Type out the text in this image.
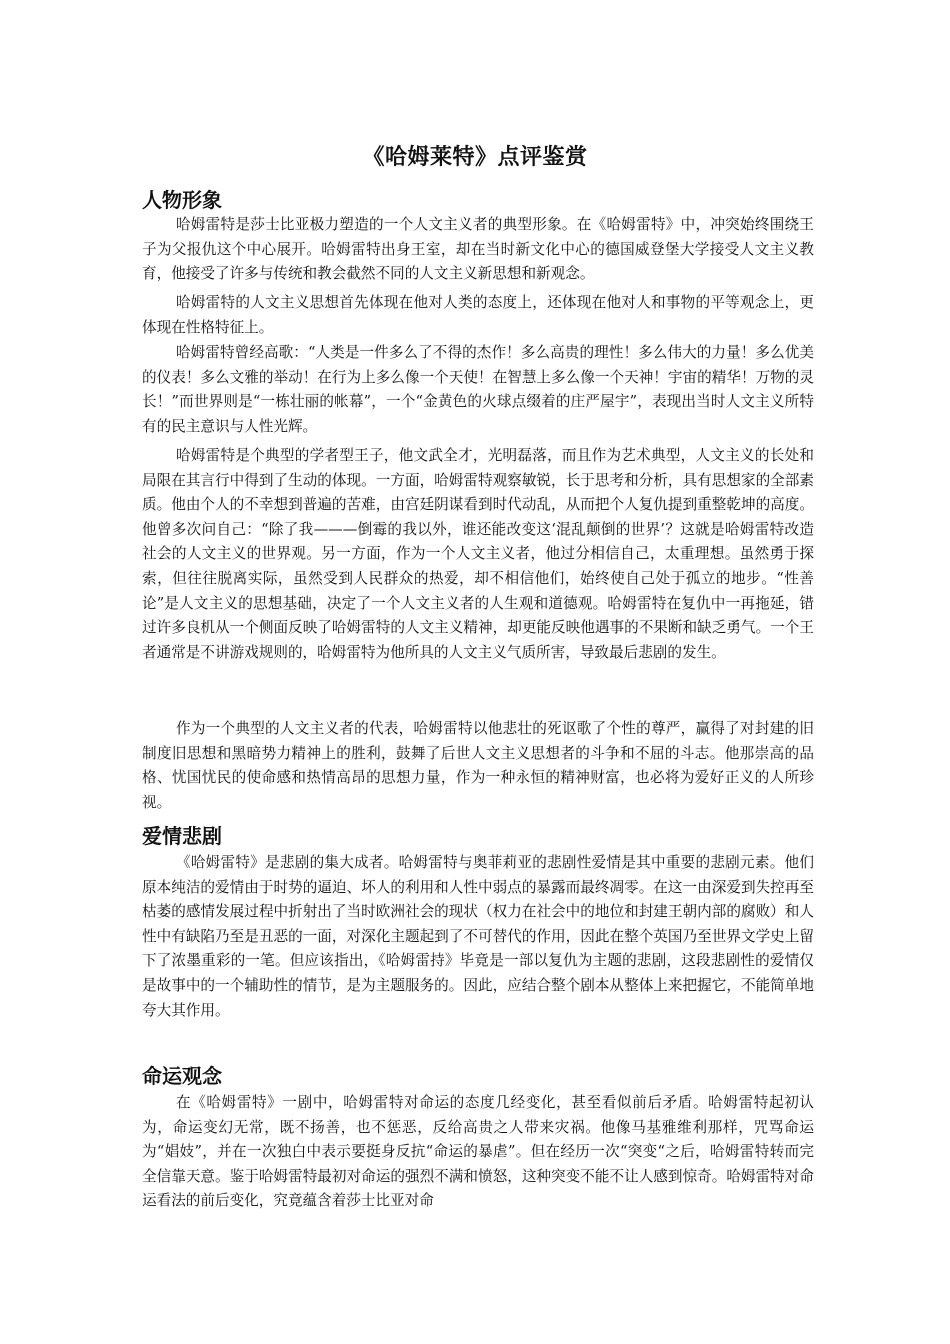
《哈姆莱特》点评鉴赏
人物形象

哈姆雷特是莎士比亚极力塑造的一个人文主义者的典型形象。在《哈姆雷特》中，冲突始终围绕王子为父报仇这个中心展开。哈姆雷特出身王室，却在当时新文化中心的德国威登堡大学接受人文主义教育，他接受了许多与传统和教会截然不同的人文主义新思想和新观念。

哈姆雷特的人文主义思想首先体现在他对人类的态度上，还体现在他对人和事物的平等观念上，更体现在性格特征上。

哈姆雷特曾经高歌：“人类是一件多么了不得的杰作！多么高贵的理性！多么伟大的力量！多么优美的仪表！多么文雅的举动！在行为上多么像一个天使！在智慧上多么像一个天神！宇宙的精华！万物的灵长！”而世界则是“一栋壮丽的帐幕”，一个“金黄色的火球点缀着的庄严屋宇”，表现出当时人文主义所特有的民主意识与人性光辉。

哈姆雷特是个典型的学者型王子，他文武全才，光明磊落，而且作为艺术典型，人文主义的长处和局限在其言行中得到了生动的体现。一方面，哈姆雷特观察敏锐，长于思考和分析，具有思想家的全部素质。他由个人的不幸想到普遍的苦难，由宫廷阴谋看到时代动乱，从而把个人复仇提到重整乾坤的高度。他曾多次问自己：“除了我———倒霉的我以外，谁还能改变这‘混乱颠倒的世界’？这就是哈姆雷特改造社会的人文主义的世界观。另一方面，作为一个人文主义者，他过分相信自己，太重理想。虽然勇于探索，但往往脱离实际，虽然受到人民群众的热爱，却不相信他们，始终使自己处于孤立的地步。“性善论”是人文主义的思想基础，决定了一个人文主义者的人生观和道德观。哈姆雷特在复仇中一再拖延，错过许多良机从一个侧面反映了哈姆雷特的人文主义精神，却更能反映他遇事的不果断和缺乏勇气。一个王者通常是不讲游戏规则的，哈姆雷特为他所具的人文主义气质所害，导致最后悲剧的发生。

作为一个典型的人文主义者的代表，哈姆雷特以他悲壮的死讴歌了个性的尊严，赢得了对封建的旧制度旧思想和黑暗势力精神上的胜利，鼓舞了后世人文主义思想者的斗争和不屈的斗志。他那崇高的品格、忧国忧民的使命感和热情高昂的思想力量，作为一种永恒的精神财富，也必将为爱好正义的人所珍视。

爱情悲剧

《哈姆雷特》是悲剧的集大成者。哈姆雷特与奥菲莉亚的悲剧性爱情是其中重要的悲剧元素。他们原本纯洁的爱情由于时势的逼迫、坏人的利用和人性中弱点的暴露而最终凋零。在这一由深爱到失控再至枯萎的感情发展过程中折射出了当时欧洲社会的现状（权力在社会中的地位和封建王朝内部的腐败）和人性中有缺陷乃至是丑恶的一面，对深化主题起到了不可替代的作用，因此在整个英国乃至世界文学史上留下了浓墨重彩的一笔。但应该指出，《哈姆雷持》毕竟是一部以复仇为主题的悲剧，这段悲剧性的爱情仅是故事中的一个辅助性的情节，是为主题服务的。因此，应结合整个剧本从整体上来把握它，不能简单地夸大其作用。

命运观念

在《哈姆雷特》一剧中，哈姆雷特对命运的态度几经变化，甚至看似前后矛盾。哈姆雷特起初认为，命运变幻无常，既不扬善，也不惩恶，反给高贵之人带来灾祸。他像马基雅维利那样，咒骂命运为“娼妓”，并在一次独白中表示要挺身反抗“命运的暴虐”。但在经历一次“突变“之后，哈姆雷特转而完全信靠天意。鉴于哈姆雷特最初对命运的强烈不满和愤怒，这种突变不能不让人感到惊奇。哈姆雷特对命运看法的前后变化，究竟蕴含着莎士比亚对命
